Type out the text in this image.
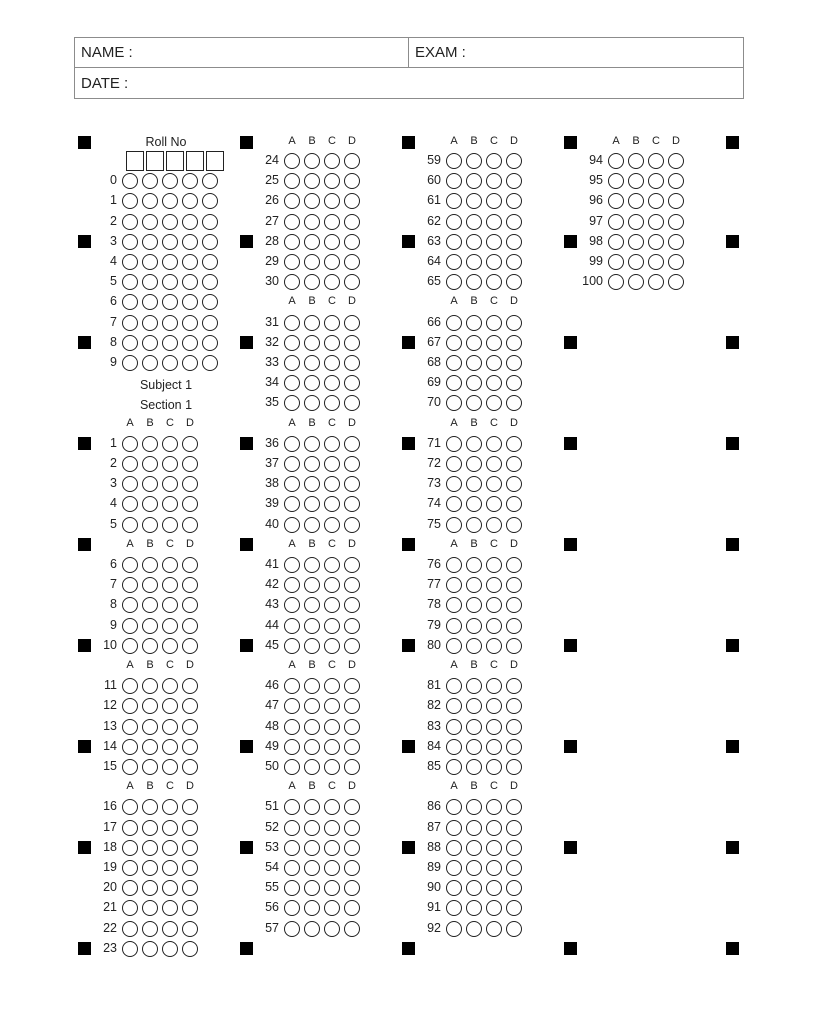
NAME :	EXAM :
DATE :
Roll No
Subject 1
Section 1
0
1
2
3
4
5
6
7
8
9
A	B	C	D
1
2
3
4
5
A	B	C	D
6
7
8
9
10
A	B	C	D
11
12
13
14
15
A	B	C	D
16
17
18
19
20
21
22
23
A	B	C	D
24
25
26
27
28
29
30
A	B	C	D
31
32
33
34
35
A	B	C	D
36
37
38
39
40
A	B	C	D
41
42
43
44
45
A	B	C	D
46
47
48
49
50
A	B	C	D
51
52
53
54
55
56
57
A	B	C	D
59
60
61
62
63
64
65
A	B	C	D
66
67
68
69
70
A	B	C	D
71
72
73
74
75
A	B	C	D
76
77
78
79
80
A	B	C	D
81
82
83
84
85
A	B	C	D
86
87
88
89
90
91
92
A	B	C	D
94
95
96
97
98
99
100
